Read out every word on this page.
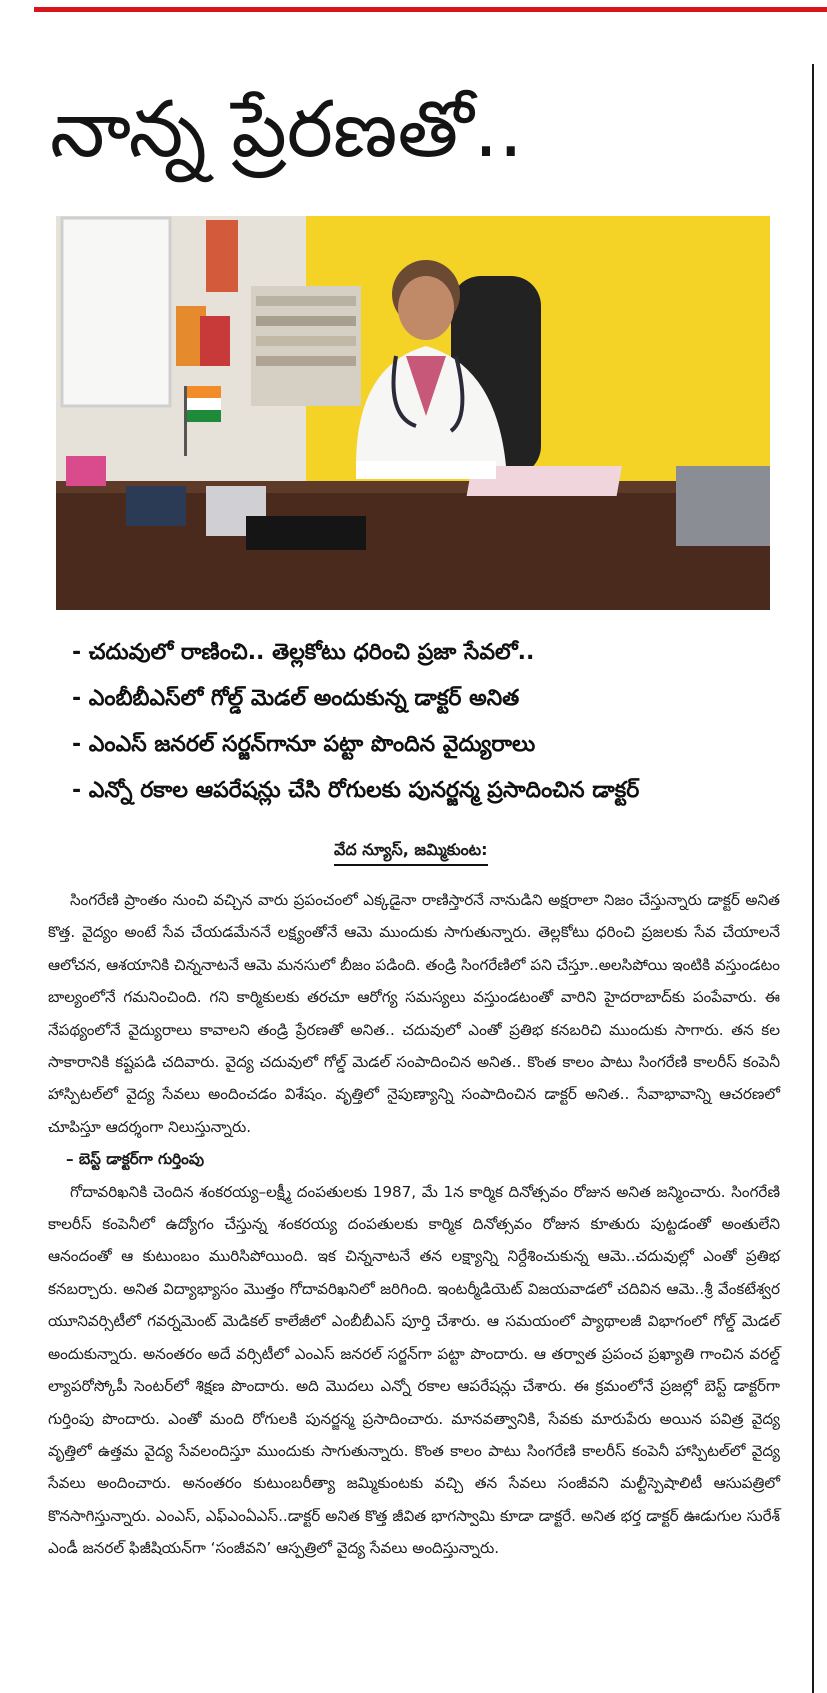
నాన్న ప్రేరణతో..
- చదువులో రాణించి.. తెల్లకోటు ధరించి ప్రజా సేవలో..
- ఎంబీబీఎస్‌లో గోల్డ్ మెడల్ అందుకున్న డాక్టర్ అనిత
- ఎంఎస్ జనరల్ సర్జన్‌గానూ పట్టా పొందిన వైద్యురాలు
- ఎన్నో రకాల ఆపరేషన్లు చేసి రోగులకు పునర్జన్మ ప్రసాదించిన డాక్టర్
వేద న్యూస్, జమ్మికుంట:

సింగరేణి ప్రాంతం నుంచి వచ్చిన వారు ప్రపంచంలో ఎక్కడైనా రాణిస్తారనే నానుడిని అక్షరాలా నిజం చేస్తున్నారు డాక్టర్ అనిత కొత్త. వైద్యం అంటే సేవ చేయడమేననే లక్ష్యంతోనే ఆమె ముందుకు సాగుతున్నారు. తెల్లకోటు ధరించి ప్రజలకు సేవ చేయాలనే ఆలోచన, ఆశయానికి చిన్ననాటనే ఆమె మనసులో బీజం పడింది. తండ్రి సింగరేణిలో పని చేస్తూ..అలసిపోయి ఇంటికి వస్తుండటం బాల్యంలోనే గమనించింది. గని కార్మికులకు తరచూ ఆరోగ్య సమస్యలు వస్తుండటంతో వారిని హైదరాబాద్‌కు పంపేవారు. ఈ నేపథ్యంలోనే వైద్యురాలు కావాలని తండ్రి ప్రేరణతో అనిత.. చదువులో ఎంతో ప్రతిభ కనబరిచి ముందుకు సాగారు. తన కల సాకారానికి కష్టపడి చదివారు. వైద్య చదువులో గోల్డ్ మెడల్ సంపాదించిన అనిత.. కొంత కాలం పాటు సింగరేణి కాలరీస్ కంపెనీ హాస్పిటల్‌లో వైద్య సేవలు అందించడం విశేషం. వృత్తిలో నైపుణ్యాన్ని సంపాదించిన డాక్టర్ అనిత.. సేవాభావాన్ని ఆచరణలో చూపిస్తూ ఆదర్శంగా నిలుస్తున్నారు.

– బెస్ట్ డాక్టర్‌గా గుర్తింపు

గోదావరిఖనికి చెందిన శంకరయ్య–లక్ష్మీ దంపతులకు 1987, మే 1న కార్మిక దినోత్సవం రోజున అనిత జన్మించారు. సింగరేణి కాలరీస్ కంపెనీలో ఉద్యోగం చేస్తున్న శంకరయ్య దంపతులకు కార్మిక దినోత్సవం రోజున కూతురు పుట్టడంతో అంతులేని ఆనందంతో ఆ కుటుంబం మురిసిపోయింది. ఇక చిన్ననాటనే తన లక్ష్యాన్ని నిర్దేశించుకున్న ఆమె..చదువుల్లో ఎంతో ప్రతిభ కనబర్చారు. అనిత విద్యాభ్యాసం మొత్తం గోదావరిఖనిలో జరిగింది. ఇంటర్మీడియెట్ విజయవాడలో చదివిన ఆమె..శ్రీ వేంకటేశ్వర యూనివర్సిటీలో గవర్నమెంట్ మెడికల్ కాలేజీలో ఎంబీబీఎస్ పూర్తి చేశారు. ఆ సమయంలో ప్యాథాలజీ విభాగంలో గోల్డ్ మెడల్ అందుకున్నారు. అనంతరం అదే వర్సిటీలో ఎంఎస్ జనరల్ సర్జన్‌గా పట్టా పొందారు. ఆ తర్వాత ప్రపంచ ప్రఖ్యాతి గాంచిన వరల్డ్ ల్యాపరోస్కోపీ సెంటర్‌లో శిక్షణ పొందారు. అది మొదలు ఎన్నో రకాల ఆపరేషన్లు చేశారు. ఈ క్రమంలోనే ప్రజల్లో బెస్ట్ డాక్టర్‌గా గుర్తింపు పొందారు. ఎంతో మంది రోగులకి పునర్జన్మ ప్రసాదించారు. మానవత్వానికి, సేవకు మారుపేరు అయిన పవిత్ర వైద్య వృత్తిలో ఉత్తమ వైద్య సేవలందిస్తూ ముందుకు సాగుతున్నారు. కొంత కాలం పాటు సింగరేణి కాలరీస్ కంపెనీ హాస్పిటల్‌లో వైద్య సేవలు అందించారు. అనంతరం కుటుంబరీత్యా జమ్మికుంటకు వచ్చి తన సేవలు సంజీవని మల్టీస్పెషాలిటీ ఆసుపత్రిలో కొనసాగిస్తున్నారు. ఎంఎస్, ఎఫ్ఎంఏఎస్..డాక్టర్ అనిత కొత్త జీవిత భాగస్వామి కూడా డాక్టరే. అనిత భర్త డాక్టర్ ఊడుగుల సురేశ్ ఎండీ జనరల్ ఫిజీషియన్‌గా ‘సంజీవని’ ఆస్పత్రిలో వైద్య సేవలు అందిస్తున్నారు.
